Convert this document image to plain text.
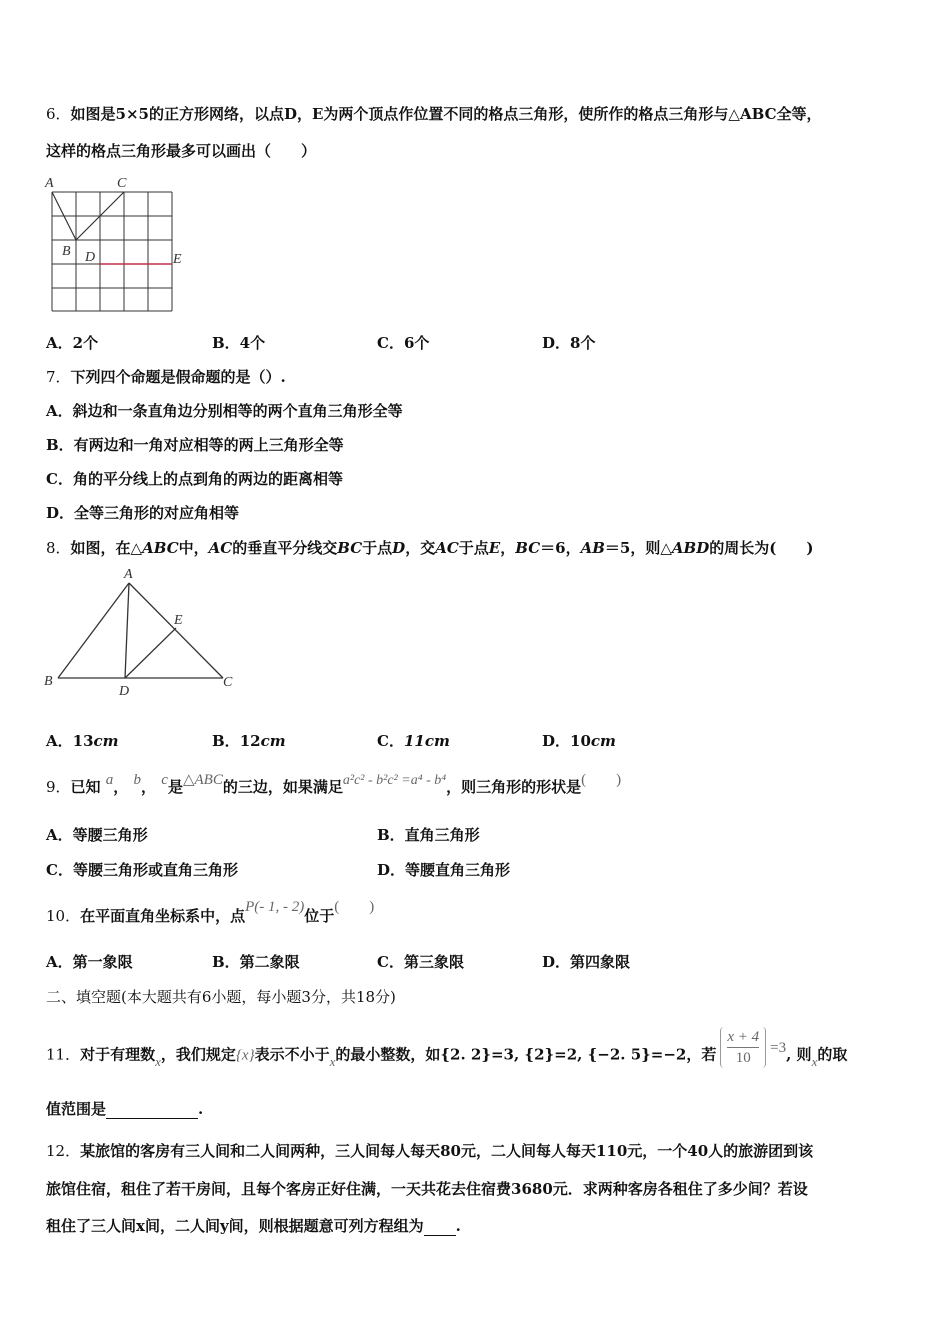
6．如图是5×5的正方形网络，以点D，E为两个顶点作位置不同的格点三角形，使所作的格点三角形与△ABC全等，
这样的格点三角形最多可以画出（　　）
A	C
B D	E
A．2个	B．4个	C．6个	D．8个
7．下列四个命题是假命题的是（）.
A．斜边和一条直角边分别相等的两个直角三角形全等
B．有两边和一角对应相等的两上三角形全等
C．角的平分线上的点到角的两边的距离相等
D．全等三角形的对应角相等
8．如图，在△ABC中，AC的垂直平分线交BC于点D，交AC于点E，BC＝6，AB＝5，则△ABD的周长为(　　)
A
E
B
D
C
A．13cm	B．12cm	C．11cm	D．10cm
9．已知 a， b， c是△ABC的三边，如果满足a²c² - b²c² =a⁴ - b⁴，则三角形的形状是(　　)
A．等腰三角形	B．直角三角形
C．等腰三角形或直角三角形	D．等腰直角三角形
10．在平面直角坐标系中，点P(- 1, - 2)位于(　　)
A．第一象限	B．第二象限	C．第三象限	D．第四象限
二、填空题(本大题共有6小题，每小题3分，共18分)
11．对于有理数x，我们规定{x}表示不小于x的最小整数，如{2. 2}=3, {2}=2, {−2. 5}=−2，若 $\frac{x + 4}{10} =3$, 则x的取
值范围是	.
12．某旅馆的客房有三人间和二人间两种，三人间每人每天80元，二人间每人每天110元，一个40人的旅游团到该
旅馆住宿，租住了若干房间，且每个客房正好住满，一天共花去住宿费3680元．求两种客房各租住了多少间？若设
租住了三人间x间，二人间y间，则根据题意可列方程组为 .
